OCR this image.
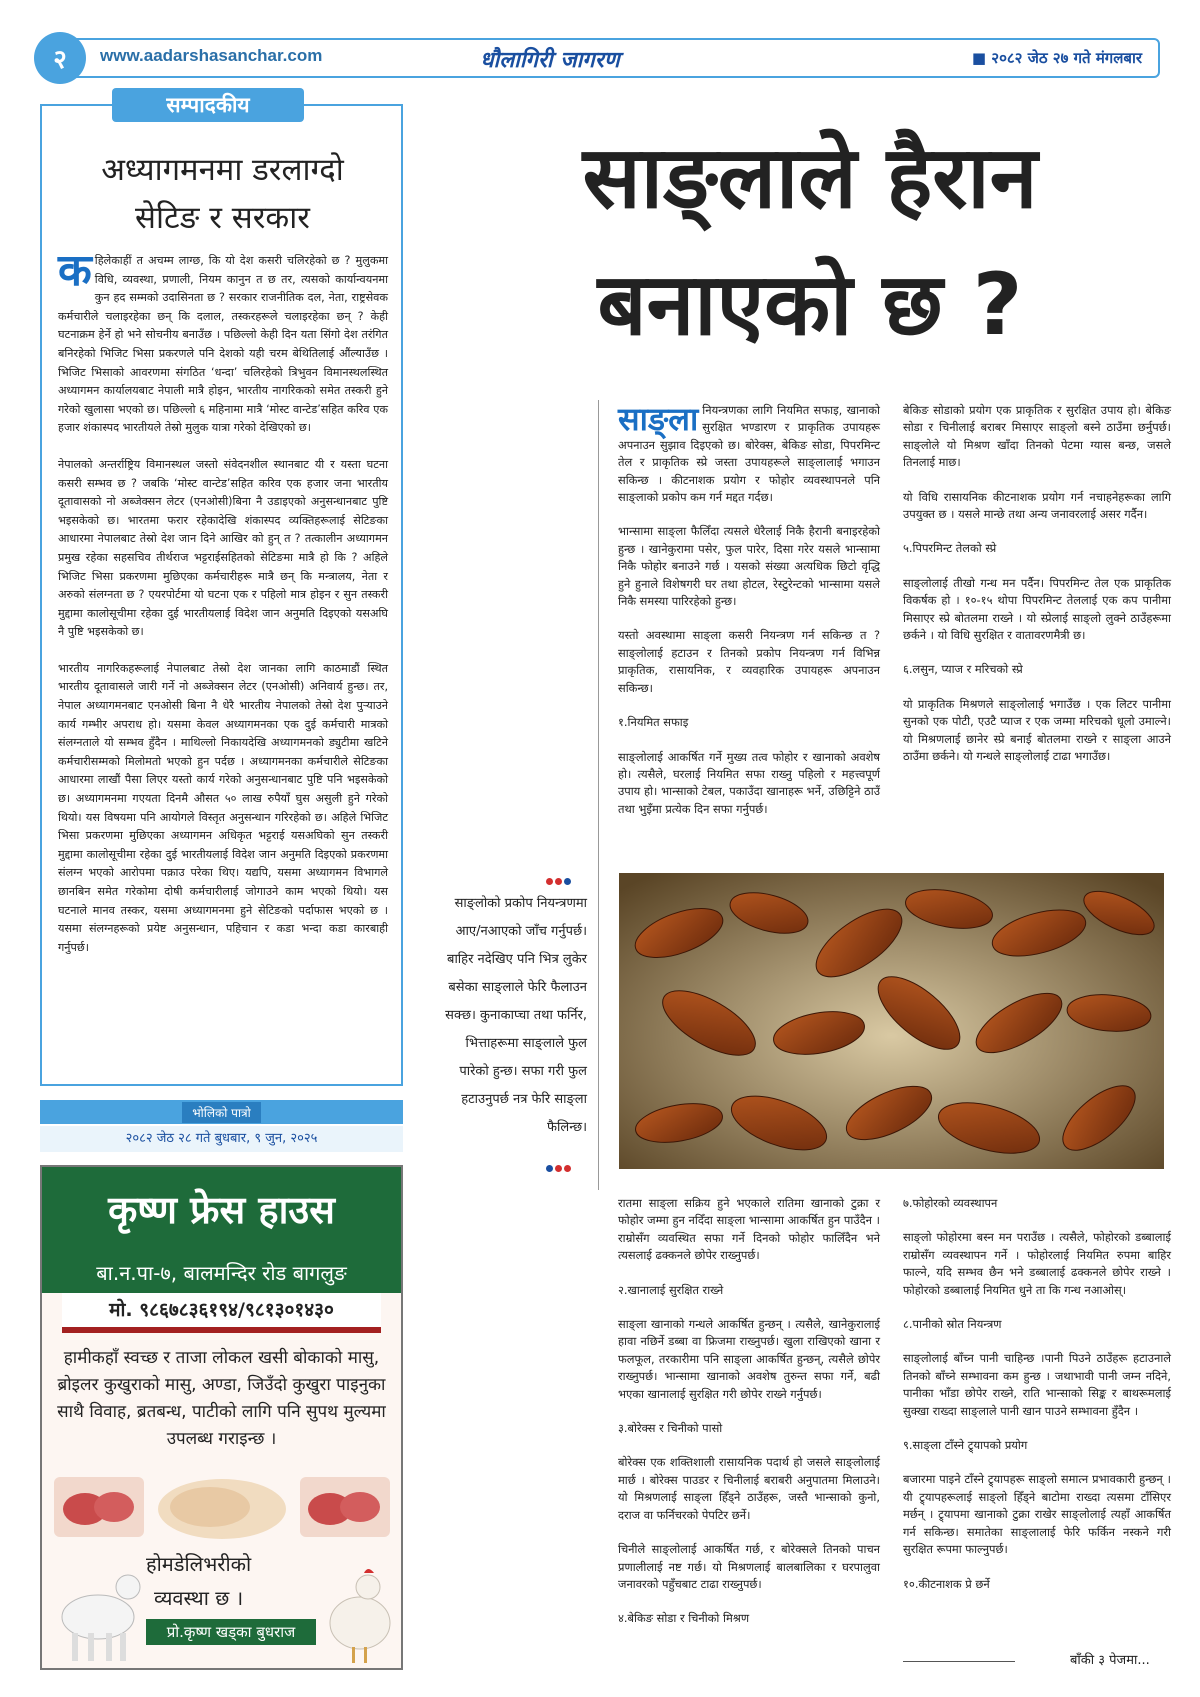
२	www.aadarshasanchar.com	धौलागिरी जागरण	■ २०८२ जेठ २७ गते मंगलबार
सम्पादकीय
अध्यागमनमा डरलाग्दो
सेटिङ र सरकार

कहिलेकाहीं त अचम्म लाग्छ, कि यो देश कसरी चलिरहेको छ ? मुलुकमा विधि, व्यवस्था, प्रणाली, नियम कानुन त छ तर, त्यसको कार्यान्वयनमा कुन हद सम्मको उदासिनता छ ? सरकार राजनीतिक दल, नेता, राष्ट्रसेवक कर्मचारीले चलाइरहेका छन् कि दलाल, तस्करहरूले चलाइरहेका छन् ? केही घटनाक्रम हेर्ने हो भने सोचनीय बनाउँछ । पछिल्लो केही दिन यता सिंगो देश तरंगित बनिरहेको भिजिट भिसा प्रकरणले पनि देशको यही चरम बेथितिलाई औंल्याउँछ । भिजिट भिसाको आवरणमा संगठित ‘धन्दा’ चलिरहेको त्रिभुवन विमानस्थलस्थित अध्यागमन कार्यालयबाट नेपाली मात्रै होइन, भारतीय नागरिकको समेत तस्करी हुने गरेको खुलासा भएको छ। पछिल्लो ६ महिनामा मात्रै ‘मोस्ट वान्टेड’सहित करिव एक हजार शंकास्पद भारतीयले तेस्रो मुलुक यात्रा गरेको देखिएको छ।

नेपालको अन्तर्राष्ट्रिय विमानस्थल जस्तो संवेदनशील स्थानबाट यी र यस्ता घटना कसरी सम्भव छ ? जबकि ‘मोस्ट वान्टेड’सहित करिव एक हजार जना भारतीय दूतावासको नो अब्जेक्सन लेटर (एनओसी)बिना नै उडाइएको अनुसन्धानबाट पुष्टि भइसकेको छ। भारतमा फरार रहेकादेखि शंकास्पद व्यक्तिहरूलाई सेटिङका आधारमा नेपालबाट तेस्रो देश जान दिने आखिर को हुन् त ? तत्कालीन अध्यागमन प्रमुख रहेका सहसचिव तीर्थराज भट्टराईसहितको सेटिङमा मात्रै हो कि ? अहिले भिजिट भिसा प्रकरणमा मुछिएका कर्मचारीहरू मात्रै छन् कि मन्त्रालय, नेता र अरुको संलग्नता छ ? एयरपोर्टमा यो घटना एक र पहिलो मात्र होइन र सुन तस्करी मुद्दामा कालोसूचीमा रहेका दुई भारतीयलाई विदेश जान अनुमति दिइएको यसअघि नै पुष्टि भइसकेको छ।

भारतीय नागरिकहरूलाई नेपालबाट तेस्रो देश जानका लागि काठमाडौं स्थित भारतीय दूतावासले जारी गर्ने नो अब्जेक्सन लेटर (एनओसी) अनिवार्य हुन्छ। तर, नेपाल अध्यागमनबाट एनओसी बिना नै धेरै भारतीय नेपालको तेस्रो देश पुऱ्याउने कार्य गम्भीर अपराध हो। यसमा केवल अध्यागमनका एक दुई कर्मचारी मात्रको संलग्नताले यो सम्भव हुँदैन । माथिल्लो निकायदेखि अध्यागमनको ड्युटीमा खटिने कर्मचारीसम्मको मिलोमतो भएको हुन पर्दछ । अध्यागमनका कर्मचारीले सेटिङका आधारमा लाखौं पैसा लिएर यस्तो कार्य गरेको अनुसन्धानबाट पुष्टि पनि भइसकेको छ। अध्यागमनमा गएयता दिनमै औसत ५० लाख रुपैयाँ घुस असुली हुने गरेको थियो। यस विषयमा पनि आयोगले विस्तृत अनुसन्धान गरिरहेको छ। अहिले भिजिट भिसा प्रकरणमा मुछिएका अध्यागमन अधिकृत भट्टराई यसअघिको सुन तस्करी मुद्दामा कालोसूचीमा रहेका दुई भारतीयलाई विदेश जान अनुमति दिइएको प्रकरणमा संलग्न भएको आरोपमा पक्राउ परेका थिए। यद्यपि, यसमा अध्यागमन विभागले छानबिन समेत गरेकोमा दोषी कर्मचारीलाई जोगाउने काम भएको थियो। यस घटनाले मानव तस्कर, यसमा अध्यागमनमा हुने सेटिङको पर्दाफास भएको छ । यसमा संलग्नहरूको प्रयेष्ट अनुसन्धान, पहिचान र कडा भन्दा कडा कारबाही गर्नुपर्छ।

भोलिको पात्रो
२०८२ जेठ २८ गते बुधबार, ९ जुन, २०२५
कृष्ण फ्रेस हाउस
बा.न.पा-७, बालमन्दिर रोड बागलुङ
मो. ९८६७८३६१९४/९८१३०१४३०
हामीकहाँ स्वच्छ र ताजा लोकल खसी बोकाको मासु, ब्रोइलर कुखुराको मासु, अण्डा, जिउँदो कुखुरा पाइनुका साथै विवाह, ब्रतबन्ध, पाटीको लागि पनि सुपथ मुल्यमा उपलब्ध गराइन्छ ।
होमडेलिभरीको
व्यवस्था छ ।
प्रो.कृष्ण खड्का बुधराज
साङ्लाले हैरान
बनाएको छ ?

साङ्ला नियन्त्रणका लागि नियमित सफाइ, खानाको सुरक्षित भण्डारण र प्राकृतिक उपायहरू अपनाउन सुझाव दिइएको छ। बोरेक्स, बेकिङ सोडा, पिपरमिन्ट तेल र प्राकृतिक स्प्रे जस्ता उपायहरूले साङ्लालाई भगाउन सकिन्छ । कीटनाशक प्रयोग र फोहोर व्यवस्थापनले पनि साङ्लाको प्रकोप कम गर्न मद्दत गर्दछ।

भान्सामा साङ्ला फैलिँदा त्यसले धेरैलाई निकै हैरानी बनाइरहेको हुन्छ । खानेकुरामा पसेर, फुल पारेर, दिसा गरेर यसले भान्सामा निकै फोहोर बनाउने गर्छ । यसको संख्या अत्यधिक छिटो वृद्धि हुने हुनाले विशेषगरी घर तथा होटल, रेस्टुरेन्टको भान्सामा यसले निकै समस्या पारिरहेको हुन्छ।

यस्तो अवस्थामा साङ्ला कसरी नियन्त्रण गर्न सकिन्छ त ? साङ्लोलाई हटाउन र तिनको प्रकोप नियन्त्रण गर्न विभिन्न प्राकृतिक, रासायनिक, र व्यवहारिक उपायहरू अपनाउन सकिन्छ।

१.नियमित सफाइ

साङ्लोलाई आकर्षित गर्ने मुख्य तत्व फोहोर र खानाको अवशेष हो। त्यसैले, घरलाई नियमित सफा राख्नु पहिलो र महत्त्वपूर्ण उपाय हो। भान्साको टेबल, पकाउँदा खानाहरू भर्ने, उछिट्टिने ठाउँ तथा भुइँमा प्रत्येक दिन सफा गर्नुपर्छ।

बेकिङ सोडाको प्रयोग एक प्राकृतिक र सुरक्षित उपाय हो। बेकिङ सोडा र चिनीलाई बराबर मिसाएर साङ्लो बस्ने ठाउँमा छर्नुपर्छ। साङ्लोले यो मिश्रण खाँदा तिनको पेटमा ग्यास बन्छ, जसले तिनलाई माछ।

यो विधि रासायनिक कीटनाशक प्रयोग गर्न नचाहनेहरूका लागि उपयुक्त छ । यसले मान्छे तथा अन्य जनावरलाई असर गर्दैन।

५.पिपरमिन्ट तेलको स्प्रे

साङ्लोलाई तीखो गन्ध मन पर्दैन। पिपरमिन्ट तेल एक प्राकृतिक विकर्षक हो । १०-१५ थोपा पिपरमिन्ट तेललाई एक कप पानीमा मिसाएर स्प्रे बोतलमा राख्ने । यो स्प्रेलाई साङ्लो लुक्ने ठाउँहरूमा छर्कने । यो विधि सुरक्षित र वातावरणमैत्री छ।

६.लसुन, प्याज र मरिचको स्प्रे

यो प्राकृतिक मिश्रणले साङ्लोलाई भगाउँछ । एक लिटर पानीमा सुनको एक पोटी, एउटै प्याज र एक जम्मा मरिचको धूलो उमाल्ने। यो मिश्रणलाई छानेर स्प्रे बनाई बोतलमा राख्ने र साङ्ला आउने ठाउँमा छर्कने। यो गन्धले साङ्लोलाई टाढा भगाउँछ।

साङ्लोको प्रकोप नियन्त्रणमा आए/नआएको जाँच गर्नुपर्छ। बाहिर नदेखिए पनि भित्र लुकेर बसेका साङ्लाले फेरि फैलाउन सक्छ। कुनाकाप्चा तथा फर्निर, भित्ताहरूमा साङ्लाले फुल पारेको हुन्छ। सफा गरी फुल हटाउनुपर्छ नत्र फेरि साङ्ला फैलिन्छ।

रातमा साङ्ला सक्रिय हुने भएकाले रातिमा खानाको टुक्रा र फोहोर जम्मा हुन नदिँदा साङ्ला भान्सामा आकर्षित हुन पाउँदैन । राम्रोसँग व्यवस्थित सफा गर्ने दिनको फोहोर फालिँदैन भने त्यसलाई ढक्कनले छोपेर राख्नुपर्छ।

२.खानालाई सुरक्षित राख्ने

साङ्ला खानाको गन्धले आकर्षित हुन्छन् । त्यसैले, खानेकुरालाई हावा नछिर्ने डब्बा वा फ्रिजमा राख्नुपर्छ। खुला राखिएको खाना र फलफूल, तरकारीमा पनि साङ्ला आकर्षित हुन्छन्, त्यसैले छोपेर राख्नुपर्छ। भान्सामा खानाको अवशेष तुरुन्त सफा गर्ने, बढी भएका खानालाई सुरक्षित गरी छोपेर राख्ने गर्नुपर्छ।

३.बोरेक्स र चिनीको पासो

बोरेक्स एक शक्तिशाली रासायनिक पदार्थ हो जसले साङ्लोलाई मार्छ । बोरेक्स पाउडर र चिनीलाई बराबरी अनुपातमा मिलाउने। यो मिश्रणलाई साङ्ला हिँड्ने ठाउँहरू, जस्तै भान्साको कुनो, दराज वा फर्निचरको पेपटिर छर्ने।

चिनीले साङ्लोलाई आकर्षित गर्छ, र बोरेक्सले तिनको पाचन प्रणालीलाई नष्ट गर्छ। यो मिश्रणलाई बालबालिका र घरपालुवा जनावरको पहुँचबाट टाढा राख्नुपर्छ।

४.बेकिङ सोडा र चिनीको मिश्रण

७.फोहोरको व्यवस्थापन

साङ्लो फोहोरमा बस्न मन पराउँछ । त्यसैले, फोहोरको डब्बालाई राम्रोसँग व्यवस्थापन गर्ने । फोहोरलाई नियमित रुपमा बाहिर फाल्ने, यदि सम्भव छैन भने डब्बालाई ढक्कनले छोपेर राख्ने । फोहोरको डब्बालाई नियमित धुने ता कि गन्ध नआओस्।

८.पानीको स्रोत नियन्त्रण

साङ्लोलाई बाँच्न पानी चाहिन्छ ।पानी पिउने ठाउँहरू हटाउनाले तिनको बाँच्ने सम्भावना कम हुन्छ । जथाभावी पानी जम्न नदिने, पानीका भाँडा छोपेर राख्ने, राति भान्साको सिङ्क र बाथरूमलाई सुक्खा राख्दा साङ्लाले पानी खान पाउने सम्भावना हुँदैन ।

९.साङ्ला टाँस्ने ट्र्यापको प्रयोग

बजारमा पाइने टाँस्ने ट्र्यापहरू साङ्लो समात्न प्रभावकारी हुन्छन् । यी ट्र्यापहरूलाई साङ्लो हिँड्ने बाटोमा राख्दा त्यसमा टाँसिएर मर्छन् । ट्र्यापमा खानाको टुक्रा राखेर साङ्लोलाई त्यहाँ आकर्षित गर्न सकिन्छ। समातेका साङ्लालाई फेरि फर्किन नस्कने गरी सुरक्षित रूपमा फाल्नुपर्छ।

१०.कीटनाशक प्रे छर्ने

बाँकी ३ पेजमा...
